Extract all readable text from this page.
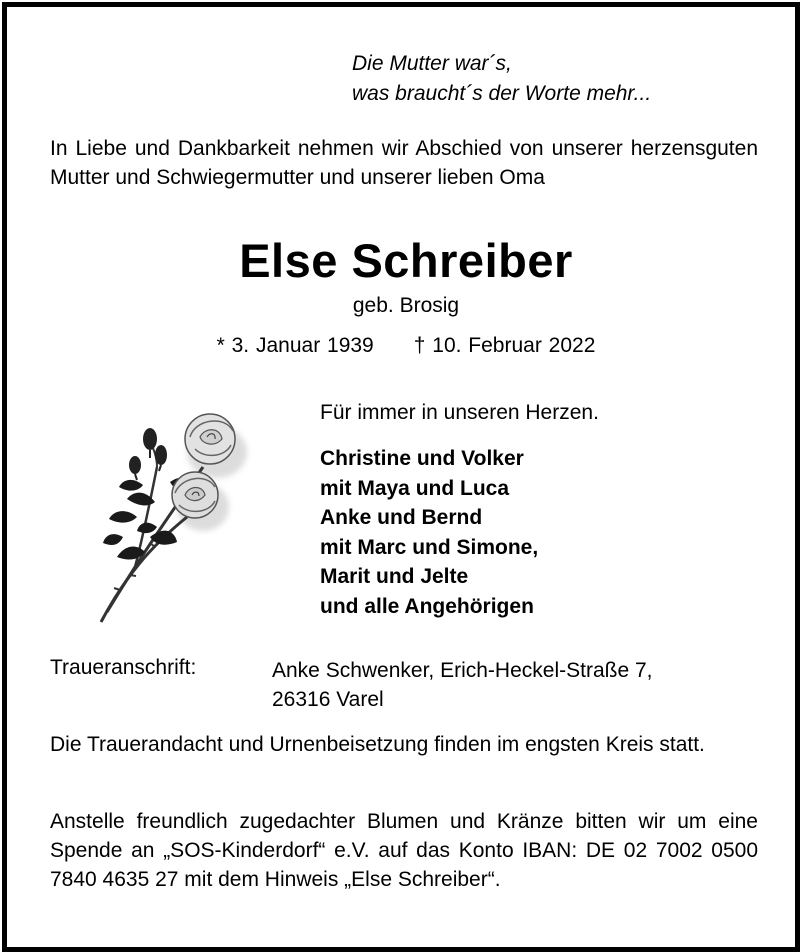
Die Mutter war´s,
was braucht´s der Worte mehr...
In Liebe und Dankbarkeit nehmen wir Abschied von unserer herzensguten Mutter und Schwiegermutter und unserer lieben Oma
Else Schreiber
geb. Brosig
* 3. Januar 1939 † 10. Februar 2022
Für immer in unseren Herzen.
Christine und Volker
mit Maya und Luca
Anke und Bernd
mit Marc und Simone,
Marit und Jelte
und alle Angehörigen
Traueranschrift:	Anke Schwenker, Erich-Heckel-Straße 7,
26316 Varel
Die Trauerandacht und Urnenbeisetzung finden im engsten Kreis statt.
Anstelle freundlich zugedachter Blumen und Kränze bitten wir um eine Spende an „SOS-Kinderdorf“ e.V. auf das Konto IBAN: DE 02 7002 0500 7840 4635 27 mit dem Hinweis „Else Schreiber“.
